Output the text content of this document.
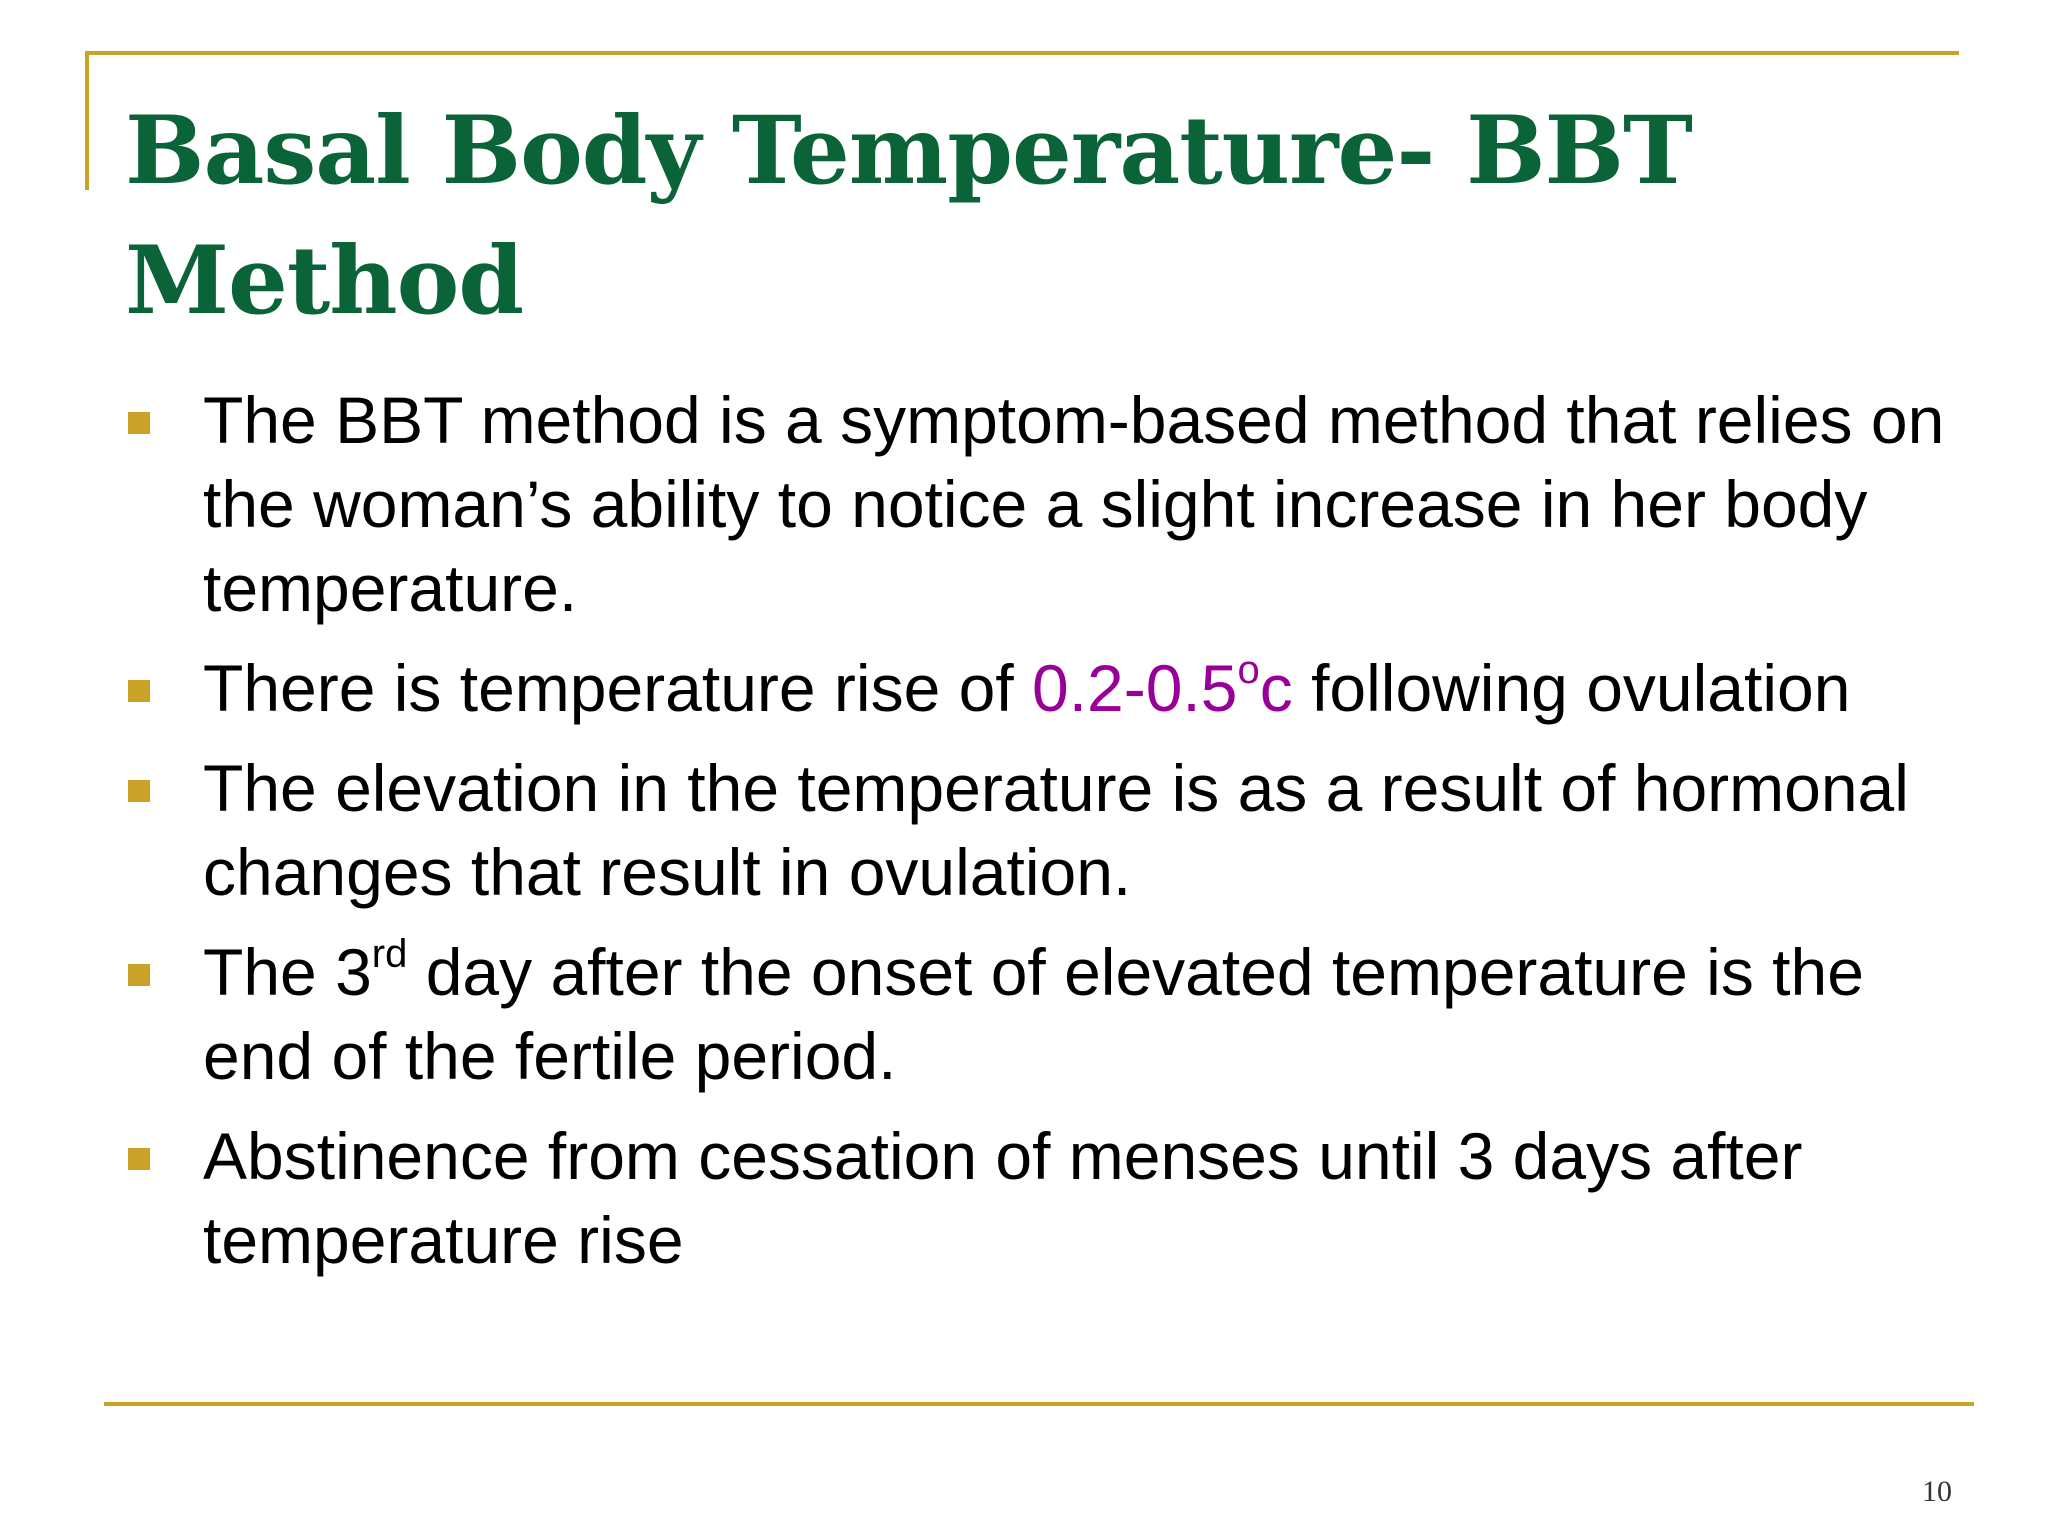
Basal Body Temperature- BBT Method
The BBT method is a symptom-based method that relies on the woman’s ability to notice a slight increase in her body temperature.
There is temperature rise of 0.2-0.5$^o$c following ovulation
The elevation in the temperature is as a result of hormonal changes that result in ovulation.
The 3rd day after the onset of elevated temperature is the end of the fertile period.
Abstinence from cessation of menses until 3 days after temperature rise
10
